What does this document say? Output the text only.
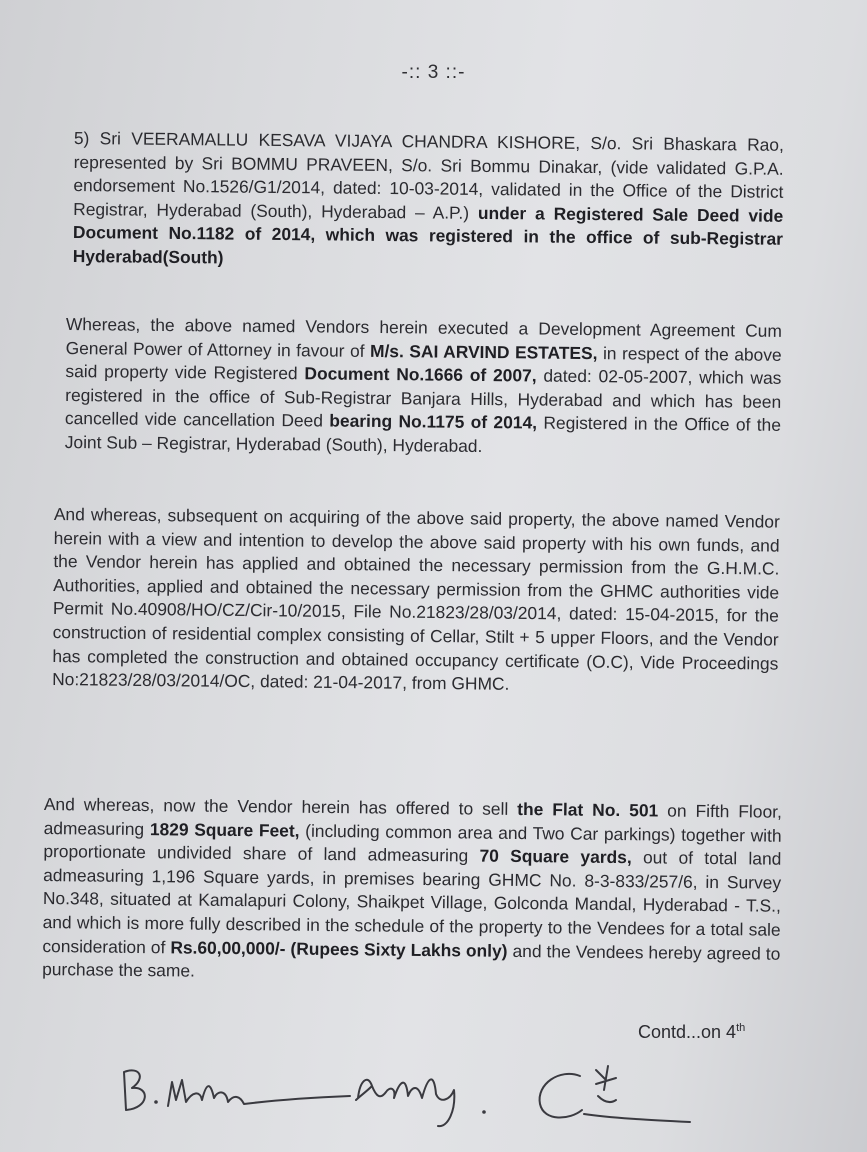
-:: 3 ::-

5) Sri VEERAMALLU KESAVA VIJAYA CHANDRA KISHORE, S/o. Sri Bhaskara Rao, represented by Sri BOMMU PRAVEEN, S/o. Sri Bommu Dinakar, (vide validated G.P.A. endorsement No.1526/G1/2014, dated: 10-03-2014, validated in the Office of the District Registrar, Hyderabad (South), Hyderabad – A.P.) under a Registered Sale Deed vide Document No.1182 of 2014, which was registered in the office of sub-Registrar Hyderabad(South)

Whereas, the above named Vendors herein executed a Development Agreement Cum General Power of Attorney in favour of M/s. SAI ARVIND ESTATES, in respect of the above said property vide Registered Document No.1666 of 2007, dated: 02-05-2007, which was registered in the office of Sub-Registrar Banjara Hills, Hyderabad and which has been cancelled vide cancellation Deed bearing No.1175 of 2014, Registered in the Office of the Joint Sub – Registrar, Hyderabad (South), Hyderabad.

And whereas, subsequent on acquiring of the above said property, the above named Vendor herein with a view and intention to develop the above said property with his own funds, and the Vendor herein has applied and obtained the necessary permission from the G.H.M.C. Authorities, applied and obtained the necessary permission from the GHMC authorities vide Permit No.40908/HO/CZ/Cir-10/2015, File No.21823/28/03/2014, dated: 15-04-2015, for the construction of residential complex consisting of Cellar, Stilt + 5 upper Floors, and the Vendor has completed the construction and obtained occupancy certificate (O.C), Vide Proceedings No:21823/28/03/2014/OC, dated: 21-04-2017, from GHMC.

And whereas, now the Vendor herein has offered to sell the Flat No. 501 on Fifth Floor, admeasuring 1829 Square Feet, (including common area and Two Car parkings) together with proportionate undivided share of land admeasuring 70 Square yards, out of total land admeasuring 1,196 Square yards, in premises bearing GHMC No. 8-3-833/257/6, in Survey No.348, situated at Kamalapuri Colony, Shaikpet Village, Golconda Mandal, Hyderabad - T.S., and which is more fully described in the schedule of the property to the Vendees for a total sale consideration of Rs.60,00,000/- (Rupees Sixty Lakhs only) and the Vendees hereby agreed to purchase the same.

Contd...on 4th
